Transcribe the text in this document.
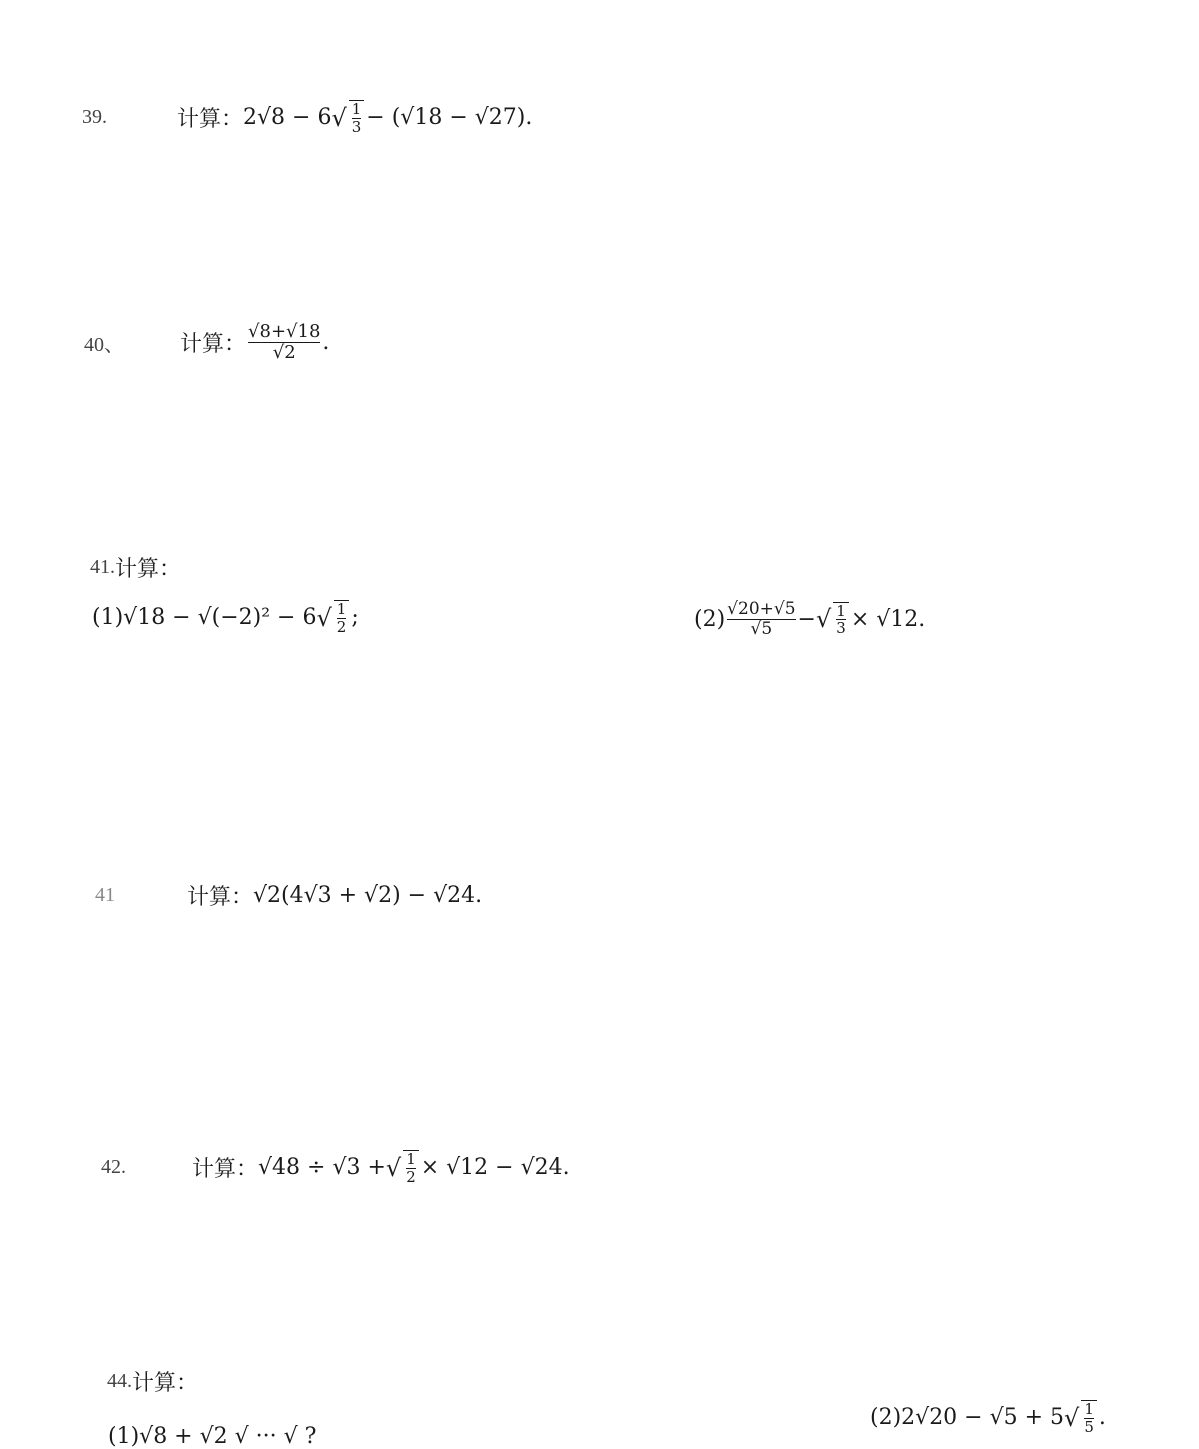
39.	计算： 2√8 − 6 √ $\frac{1}{3} - (√18 - √27)$.
40、	计算： $\frac{√8+√18}{√2}$ .
41. 计算：
(1) √18 − √(−2)² − 6 √ $\frac{1}{2}$ ;	$(2) \frac{√20+√5}{√5}$ − √ $\frac{1}{3} \times √12$.
41	计算： √2(4√3 + √2) − √24.
42.	计算： √48 ÷ √3 + √ $\frac{1}{2} \times √12 - √24$.
44. 计算：
(1) √8 + √2 √ ··· √ ?
(2) 2√20 − √5 + 5 √ $\frac{1}{5}$ .
